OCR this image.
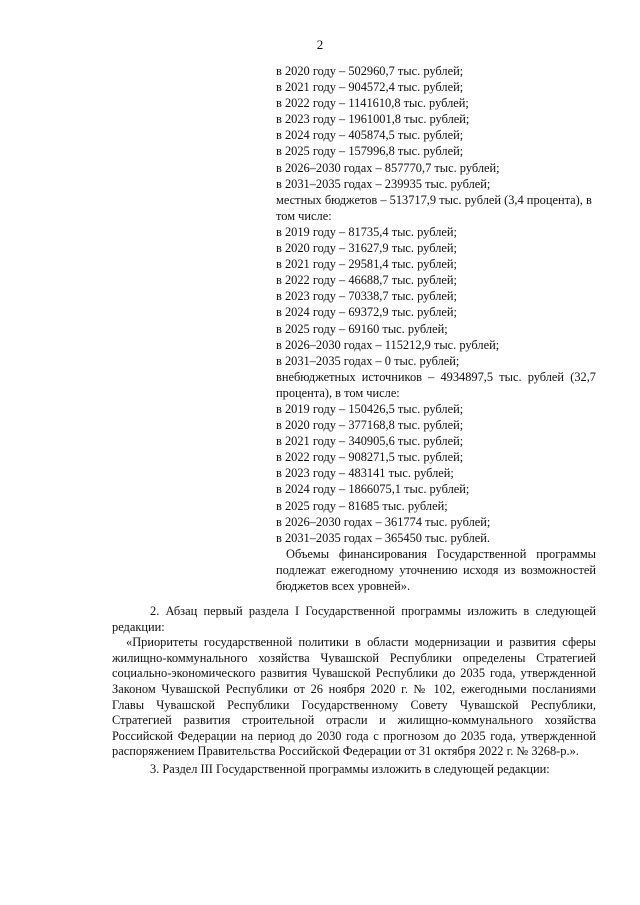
2
в 2020 году – 502960,7 тыс. рублей;
в 2021 году – 904572,4 тыс. рублей;
в 2022 году – 1141610,8 тыс. рублей;
в 2023 году – 1961001,8 тыс. рублей;
в 2024 году – 405874,5 тыс. рублей;
в 2025 году – 157996,8 тыс. рублей;
в 2026–2030 годах – 857770,7 тыс. рублей;
в 2031–2035 годах – 239935 тыс. рублей;
местных бюджетов – 513717,9 тыс. рублей (3,4 процента), в том числе:
в 2019 году – 81735,4 тыс. рублей;
в 2020 году – 31627,9 тыс. рублей;
в 2021 году – 29581,4 тыс. рублей;
в 2022 году – 46688,7 тыс. рублей;
в 2023 году – 70338,7 тыс. рублей;
в 2024 году – 69372,9 тыс. рублей;
в 2025 году – 69160 тыс. рублей;
в 2026–2030 годах – 115212,9 тыс. рублей;
в 2031–2035 годах – 0 тыс. рублей;
внебюджетных источников – 4934897,5 тыс. рублей (32,7 процента), в том числе:
в 2019 году – 150426,5 тыс. рублей;
в 2020 году – 377168,8 тыс. рублей;
в 2021 году – 340905,6 тыс. рублей;
в 2022 году – 908271,5 тыс. рублей;
в 2023 году – 483141 тыс. рублей;
в 2024 году – 1866075,1 тыс. рублей;
в 2025 году – 81685 тыс. рублей;
в 2026–2030 годах – 361774 тыс. рублей;
в 2031–2035 годах – 365450 тыс. рублей.
Объемы финансирования Государственной программы подлежат ежегодному уточнению исходя из возможностей бюджетов всех уровней».

2. Абзац первый раздела I Государственной программы изложить в следующей редакции:

«Приоритеты государственной политики в области модернизации и развития сферы жилищно-коммунального хозяйства Чувашской Республики определены Стратегией социально-экономического развития Чувашской Республики до 2035 года, утвержденной Законом Чувашской Республики от 26 ноября 2020 г. № 102, ежегодными посланиями Главы Чувашской Республики Государственному Совету Чувашской Республики, Стратегией развития строительной отрасли и жилищно-коммунального хозяйства Российской Федерации на период до 2030 года с прогнозом до 2035 года, утвержденной распоряжением Правительства Российской Федерации от 31 октября 2022 г. № 3268-р.».

3. Раздел III Государственной программы изложить в следующей редакции:
